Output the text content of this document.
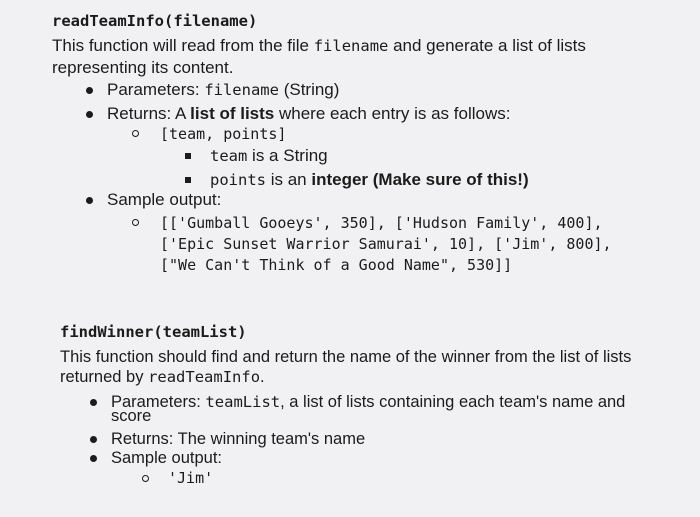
readTeamInfo(filename)
This function will read from the file filename and generate a list of lists
representing its content.
Parameters: filename (String)
Returns: A list of lists where each entry is as follows:
[team, points]
team is a String
points is an integer (Make sure of this!)
Sample output:
[['Gumball Gooeys', 350], ['Hudson Family', 400],
['Epic Sunset Warrior Samurai', 10], ['Jim', 800],
["We Can't Think of a Good Name", 530]]
findWinner(teamList)
This function should find and return the name of the winner from the list of lists
returned by readTeamInfo.
Parameters: teamList, a list of lists containing each team's name and
score
Returns: The winning team's name
Sample output:
'Jim'
